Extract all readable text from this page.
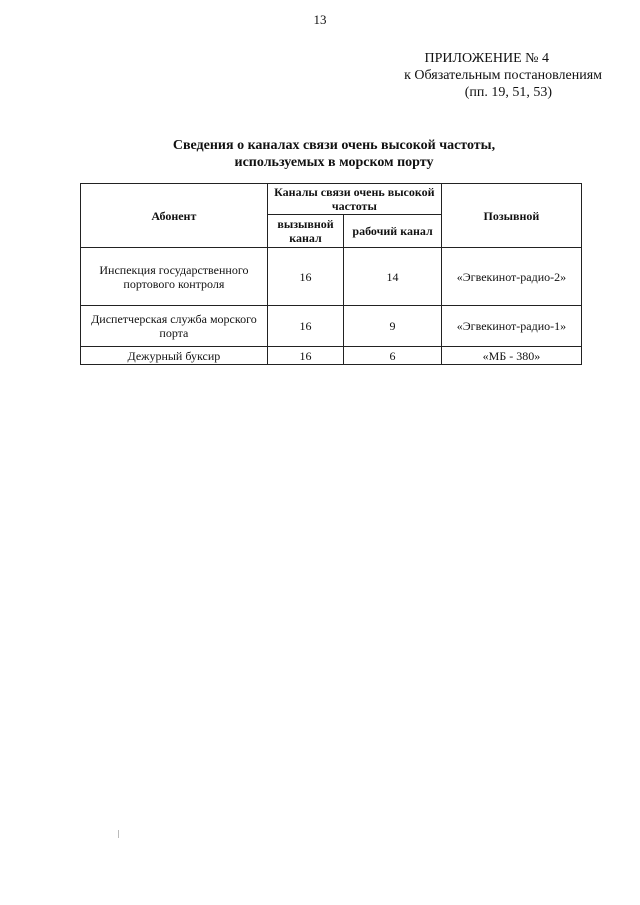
13
ПРИЛОЖЕНИЕ № 4
к Обязательным постановлениям
(пп. 19, 51, 53)
Сведения о каналах связи очень высокой частоты,
используемых в морском порту
Абонент	Каналы связи очень высокой частоты		Позывной
	вызывной канал	рабочий канал	
Инспекция государственного портового контроля	16	14	«Эгвекинот-радио-2»
Диспетчерская служба морского порта	16	9	«Эгвекинот-радио-1»
Дежурный буксир	16	6	«МБ - 380»
